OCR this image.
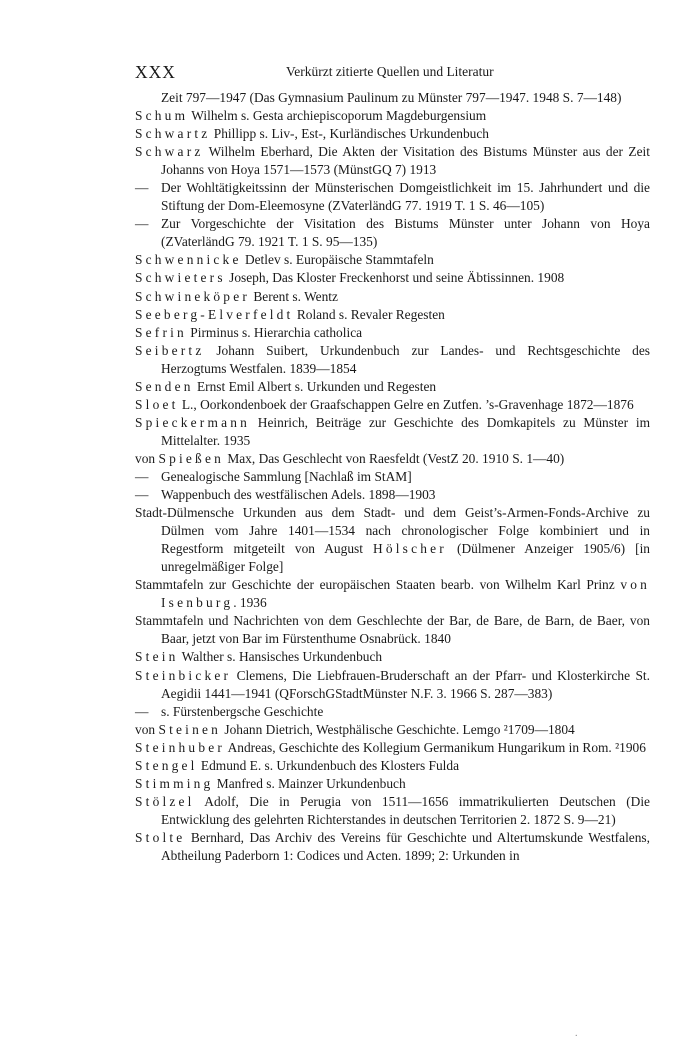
XXX	Verkürzt zitierte Quellen und Literatur
Zeit 797—1947 (Das Gymnasium Paulinum zu Münster 797—1947. 1948 S. 7—148)
Schum Wilhelm s. Gesta archiepiscoporum Magdeburgensium
Schwartz Phillipp s. Liv-, Est-, Kurländisches Urkundenbuch
Schwarz Wilhelm Eberhard, Die Akten der Visitation des Bistums Münster aus der Zeit Johanns von Hoya 1571—1573 (MünstGQ 7) 1913
— Der Wohltätigkeitssinn der Münsterischen Domgeistlichkeit im 15. Jahrhundert und die Stiftung der Dom-Eleemosyne (ZVaterländG 77. 1919 T. 1 S. 46—105)
— Zur Vorgeschichte der Visitation des Bistums Münster unter Johann von Hoya (ZVaterländG 79. 1921 T. 1 S. 95—135)
Schwennicke Detlev s. Europäische Stammtafeln
Schwieters Joseph, Das Kloster Freckenhorst und seine Äbtissinnen. 1908
Schwineköper Berent s. Wentz
Seeberg-Elverfeldt Roland s. Revaler Regesten
Sefrin Pirminus s. Hierarchia catholica
Seibertz Johann Suibert, Urkundenbuch zur Landes- und Rechtsgeschichte des Herzogtums Westfalen. 1839—1854
Senden Ernst Emil Albert s. Urkunden und Regesten
Sloet L., Oorkondenboek der Graafschappen Gelre en Zutfen. ’s-Gravenhage 1872—1876
Spieckermann Heinrich, Beiträge zur Geschichte des Domkapitels zu Münster im Mittelalter. 1935
von Spießen Max, Das Geschlecht von Raesfeldt (VestZ 20. 1910 S. 1—40)
— Genealogische Sammlung [Nachlaß im StAM]
— Wappenbuch des westfälischen Adels. 1898—1903
Stadt-Dülmensche Urkunden aus dem Stadt- und dem Geist’s-Armen-Fonds-Archive zu Dülmen vom Jahre 1401—1534 nach chronologischer Folge kombiniert und in Regestform mitgeteilt von August Hölscher (Dülmener Anzeiger 1905/6) [in unregelmäßiger Folge]
Stammtafeln zur Geschichte der europäischen Staaten bearb. von Wilhelm Karl Prinz von Isenburg. 1936
Stammtafeln und Nachrichten von dem Geschlechte der Bar, de Bare, de Barn, de Baer, von Baar, jetzt von Bar im Fürstenthume Osnabrück. 1840
Stein Walther s. Hansisches Urkundenbuch
Steinbicker Clemens, Die Liebfrauen-Bruderschaft an der Pfarr- und Klosterkirche St. Aegidii 1441—1941 (QForschGStadtMünster N.F. 3. 1966 S. 287—383)
— s. Fürstenbergsche Geschichte
von Steinen Johann Dietrich, Westphälische Geschichte. Lemgo ²1709—1804
Steinhuber Andreas, Geschichte des Kollegium Germanikum Hungarikum in Rom. ²1906
Stengel Edmund E. s. Urkundenbuch des Klosters Fulda
Stimming Manfred s. Mainzer Urkundenbuch
Stölzel Adolf, Die in Perugia von 1511—1656 immatrikulierten Deutschen (Die Entwicklung des gelehrten Richterstandes in deutschen Territorien 2. 1872 S. 9—21)
Stolte Bernhard, Das Archiv des Vereins für Geschichte und Altertumskunde Westfalens, Abtheilung Paderborn 1: Codices und Acten. 1899; 2: Urkunden in
.
